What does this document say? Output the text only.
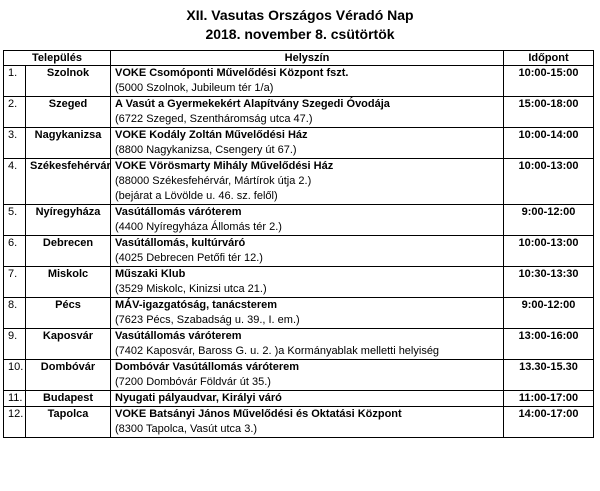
XII. Vasutas Országos Véradó Nap
2018. november 8. csütörtök
Település		Helyszín	Időpont
1.	Szolnok	VOKE Csomóponti Művelődési Központ fszt.
(5000 Szolnok, Jubileum tér 1/a)	10:00-15:00
2.	Szeged	A Vasút a Gyermekekért Alapítvány Szegedi Óvodája
(6722 Szeged, Szentháromság utca 47.)	15:00-18:00
3.	Nagykanizsa	VOKE Kodály Zoltán Művelődési Ház
(8800 Nagykanizsa, Csengery út 67.)	10:00-14:00
4.	Székesfehérvár	VOKE Vörösmarty Mihály Művelődési Ház
(88000 Székesfehérvár, Mártírok útja 2.)
(bejárat a Lövölde u. 46. sz. felől)	10:00-13:00
5.	Nyíregyháza	Vasútállomás váróterem
(4400 Nyíregyháza Állomás tér 2.)	9:00-12:00
6.	Debrecen	Vasútállomás, kultúrváró
(4025 Debrecen Petőfi tér 12.)	10:00-13:00
7.	Miskolc	Műszaki Klub
(3529 Miskolc, Kinizsi utca 21.)	10:30-13:30
8.	Pécs	MÁV-igazgatóság, tanácsterem
(7623 Pécs, Szabadság u. 39., I. em.)	9:00-12:00
9.	Kaposvár	Vasútállomás váróterem
(7402 Kaposvár, Baross G. u. 2. )a Kormányablak melletti helyiség	13:00-16:00
10.	Dombóvár	Dombóvár Vasútállomás váróterem
(7200 Dombóvár Földvár út 35.)	13.30-15.30
11.	Budapest	Nyugati pályaudvar, Királyi váró	11:00-17:00
12.	Tapolca	VOKE Batsányi János Művelődési és Oktatási Központ
(8300 Tapolca, Vasút utca 3.)	14:00-17:00
